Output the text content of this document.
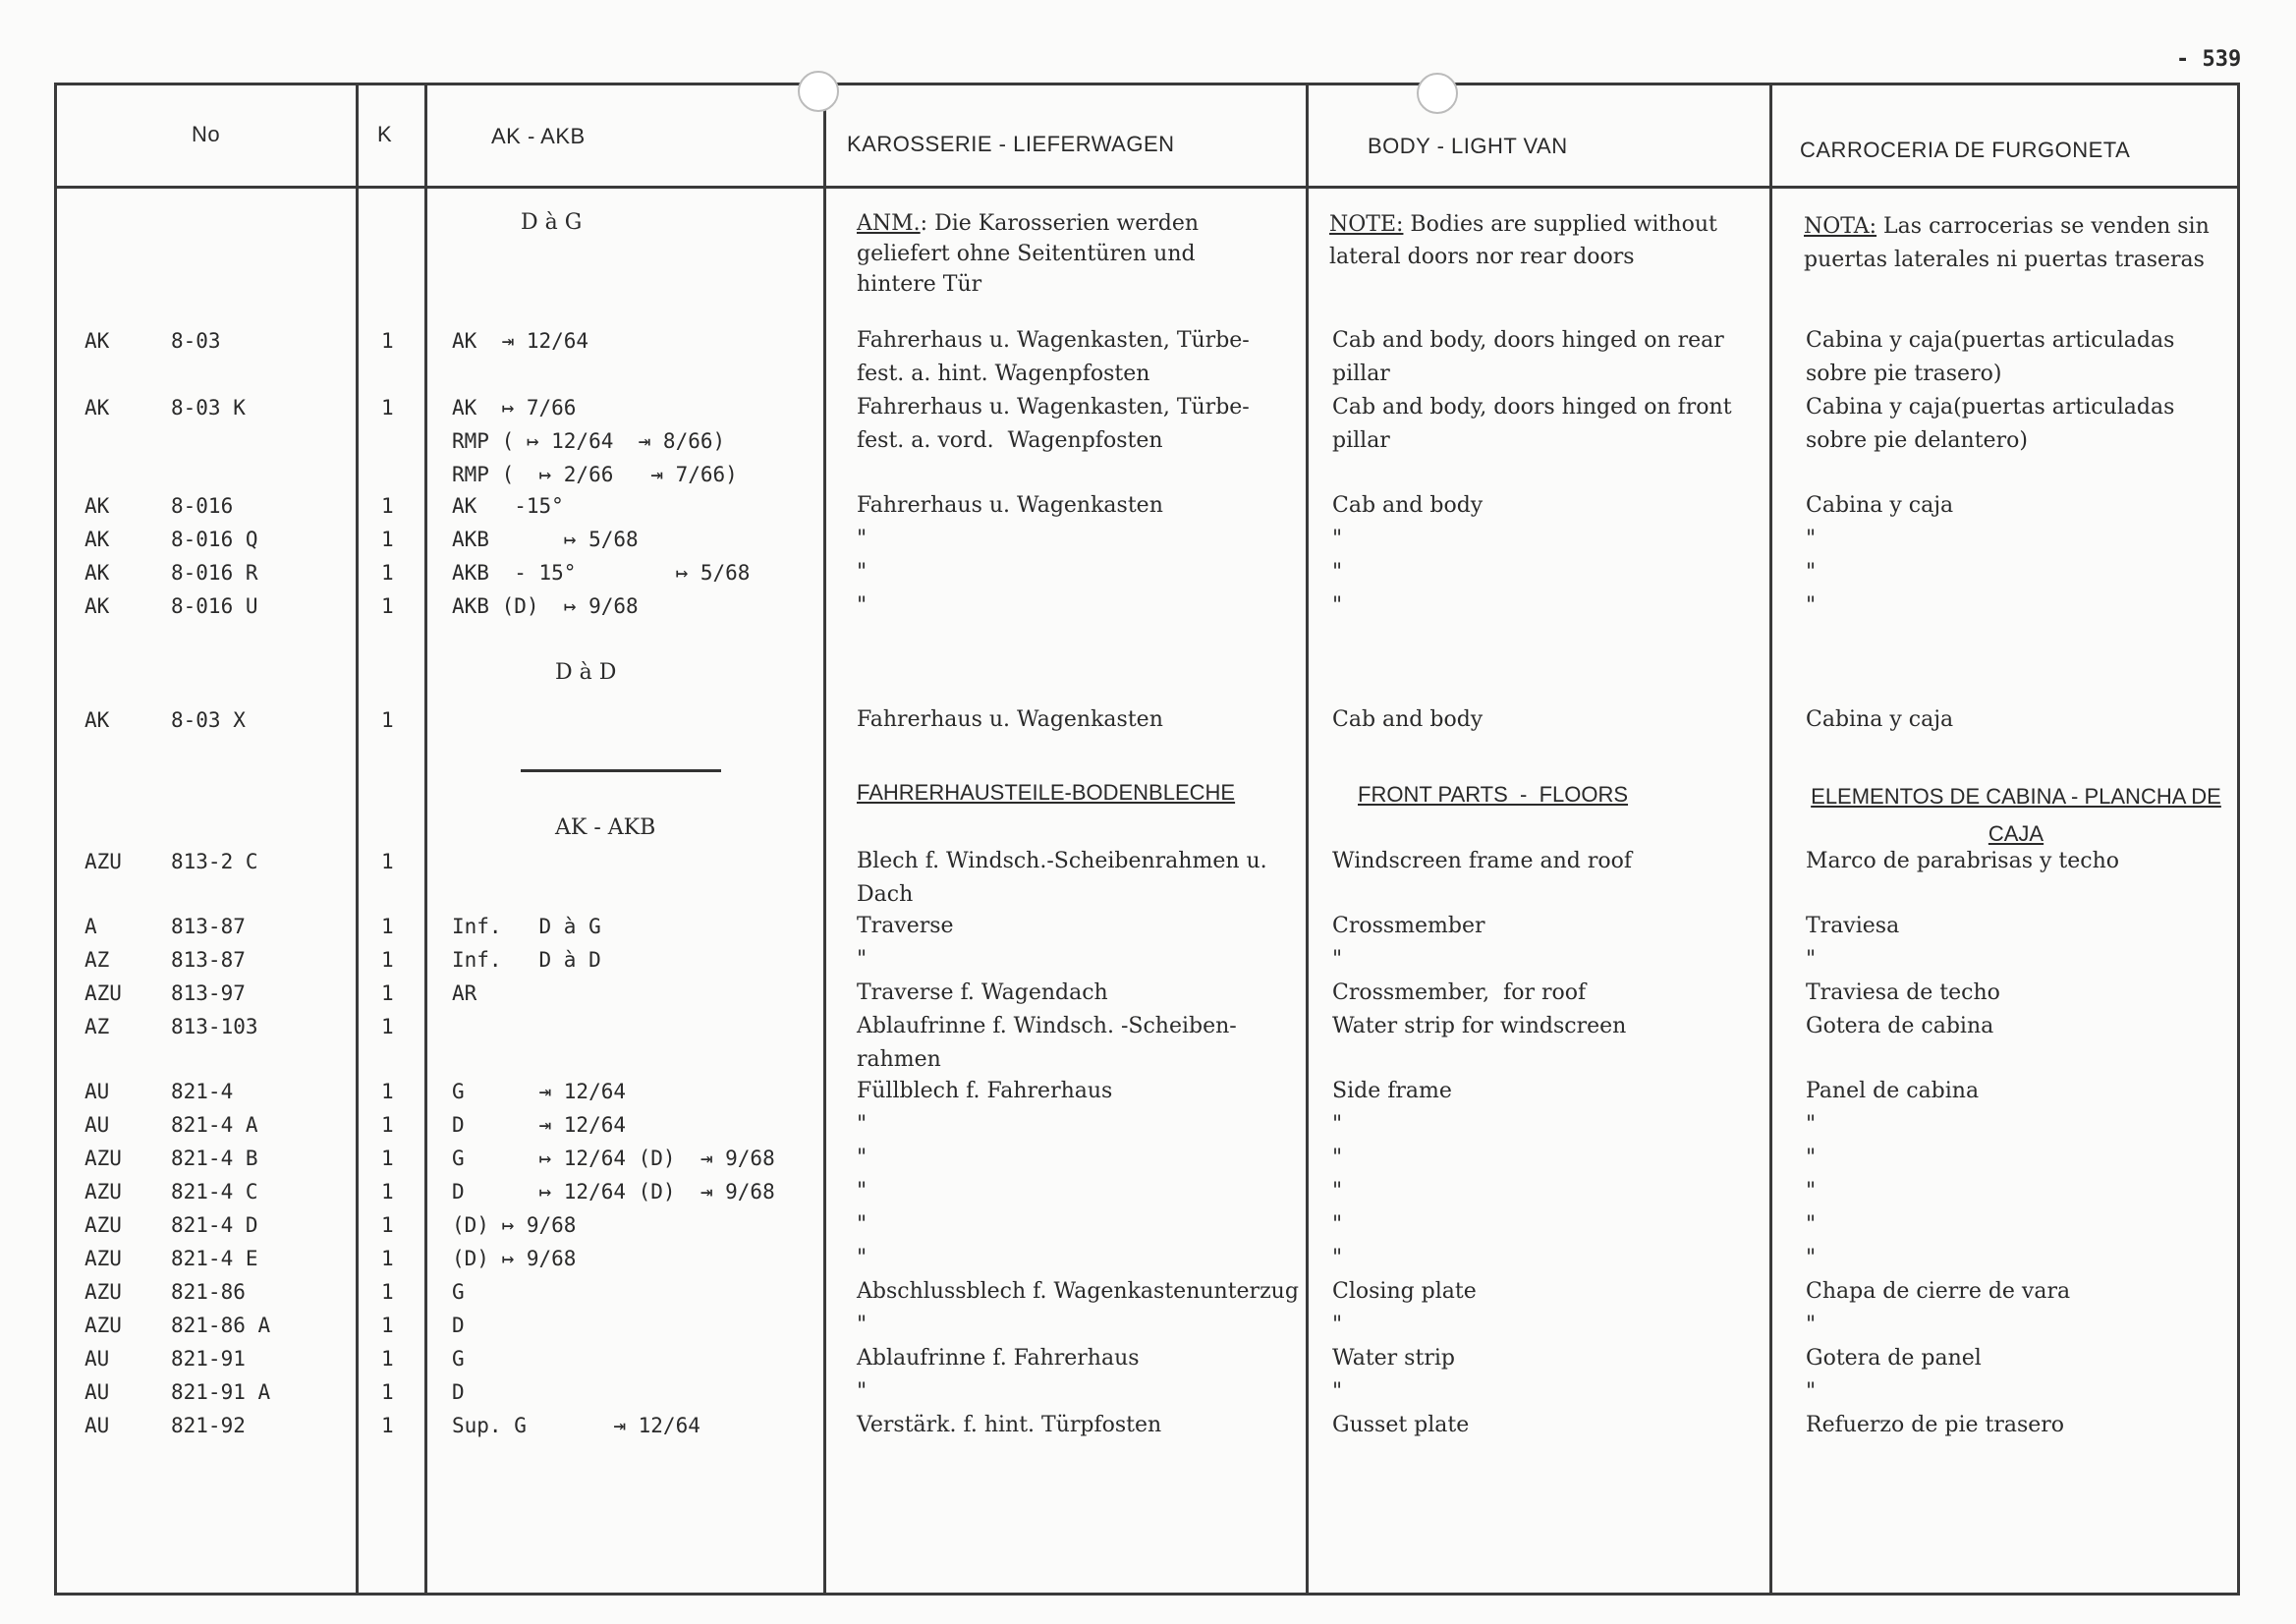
- 539
No	K	AK - AKB	KAROSSERIE - LIEFERWAGEN	BODY - LIGHT VAN	CARROCERIA DE FURGONETA
D à G	ANM.: Die Karosserien werden geliefert ohne Seitentüren und hintere Tür
NOTE: Bodies are supplied without lateral doors nor rear doors
NOTA: Las carrocerias se venden sin puertas laterales ni puertas traseras
D à D
AK - AKB
FAHRERHAUSTEILE-BODENBLECHE	FRONT PARTS  -  FLOORS	ELEMENTOS DE CABINA - PLANCHA DE CAJA
AK	8-03	1	AK  ⇥ 12/64	Fahrerhaus u. Wagenkasten, Türbe-
fest. a. hint. Wagenpfosten
Cab and body, doors hinged on rear
pillar
Cabina y caja(puertas articuladas
sobre pie trasero)
AK	8-03 K	1	AK  ↦ 7/66
RMP ( ↦ 12/64  ⇥ 8/66)
RMP (  ↦ 2/66   ⇥ 7/66)
Fahrerhaus u. Wagenkasten, Türbe-
fest. a. vord.  Wagenpfosten
Cab and body, doors hinged on front
pillar
Cabina y caja(puertas articuladas
sobre pie delantero)
AK	8-016	1	AK   -15°	Fahrerhaus u. Wagenkasten	Cab and body	Cabina y caja
AK	8-016 Q	1	AKB      ↦ 5/68	"	"	"
AK	8-016 R	1	AKB  - 15°        ↦ 5/68	"	"	"
AK	8-016 U	1	AKB (D)  ↦ 9/68	"	"	"
AK	8-03 X	1	Fahrerhaus u. Wagenkasten	Cab and body	Cabina y caja
AZU 813-2 C	1	Blech f. Windsch.-Scheibenrahmen u.
Dach
Windscreen frame and roof	Marco de parabrisas y techo
A	813-87	1	Inf.   D à G	Traverse	Crossmember	Traviesa
AZ	813-87	1	Inf.   D à D	"	"	"
AZU 813-97	1	AR	Traverse f. Wagendach	Crossmember,  for roof	Traviesa de techo
AZ	813-103	1	Ablaufrinne f. Windsch. -Scheiben-
rahmen
Water strip for windscreen	Gotera de cabina
AU	821-4	1	G      ⇥ 12/64	Füllblech f. Fahrerhaus	Side frame	Panel de cabina
AU	821-4 A	1	D      ⇥ 12/64	"	"	"
AZU 821-4 B	1	G      ↦ 12/64 (D)  ⇥ 9/68	"	"	"
AZU 821-4 C	1	D      ↦ 12/64 (D)  ⇥ 9/68	"	"	"
AZU 821-4 D	1	(D) ↦ 9/68	"	"	"
AZU 821-4 E	1	(D) ↦ 9/68	"	"	"
AZU 821-86	1	G	Abschlussblech f. Wagenkastenunterzug Closing plate	Chapa de cierre de vara
AZU 821-86 A	1	D	"	"	"
AU	821-91	1	G	Ablaufrinne f. Fahrerhaus	Water strip	Gotera de panel
AU	821-91 A	1	D	"	"	"
AU	821-92	1	Sup. G       ⇥ 12/64	Verstärk. f. hint. Türpfosten	Gusset plate	Refuerzo de pie trasero
